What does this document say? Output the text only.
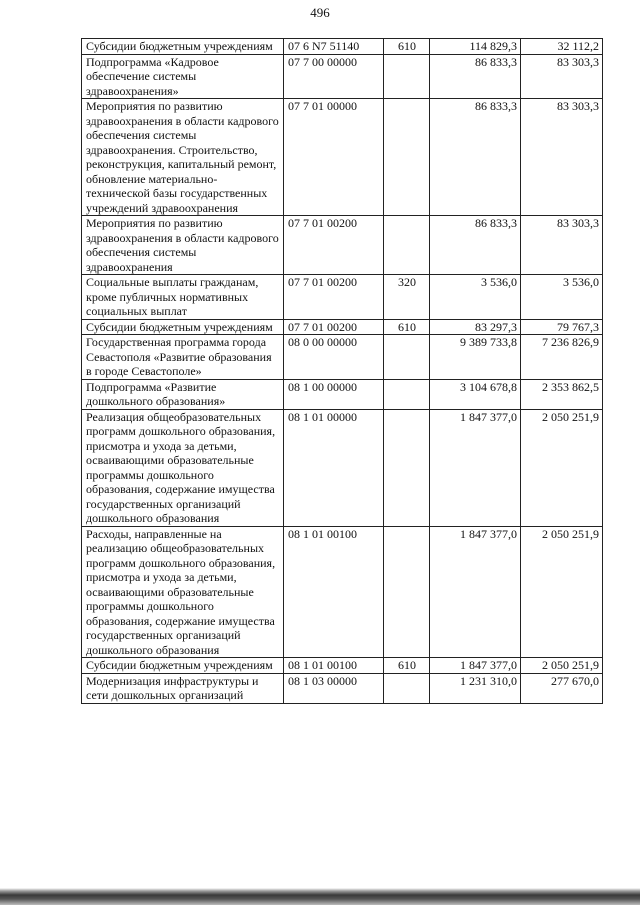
496
Субсидии бюджетным учреждениям	07 6 N7 51140	610	114 829,3	32 112,2
Подпрограмма «Кадровое обеспечение системы здравоохранения»	07 7 00 00000		86 833,3	83 303,3
Мероприятия по развитию здравоохранения в области кадрового обеспечения системы здравоохранения. Строительство, реконструкция, капитальный ремонт, обновление материально-технической базы государственных учреждений здравоохранения	07 7 01 00000		86 833,3	83 303,3
Мероприятия по развитию здравоохранения в области кадрового обеспечения системы здравоохранения	07 7 01 00200		86 833,3	83 303,3
Социальные выплаты гражданам, кроме публичных нормативных социальных выплат	07 7 01 00200	320	3 536,0	3 536,0
Субсидии бюджетным учреждениям	07 7 01 00200	610	83 297,3	79 767,3
Государственная программа города Севастополя «Развитие образования в городе Севастополе»	08 0 00 00000		9 389 733,8	7 236 826,9
Подпрограмма «Развитие дошкольного образования»	08 1 00 00000		3 104 678,8	2 353 862,5
Реализация общеобразовательных программ дошкольного образования, присмотра и ухода за детьми, осваивающими образовательные программы дошкольного образования, содержание имущества государственных организаций дошкольного образования	08 1 01 00000		1 847 377,0	2 050 251,9
Расходы, направленные на реализацию общеобразовательных программ дошкольного образования, присмотра и ухода за детьми, осваивающими образовательные программы дошкольного образования, содержание имущества государственных организаций дошкольного образования	08 1 01 00100		1 847 377,0	2 050 251,9
Субсидии бюджетным учреждениям	08 1 01 00100	610	1 847 377,0	2 050 251,9
Модернизация инфраструктуры и сети дошкольных организаций	08 1 03 00000		1 231 310,0	277 670,0
